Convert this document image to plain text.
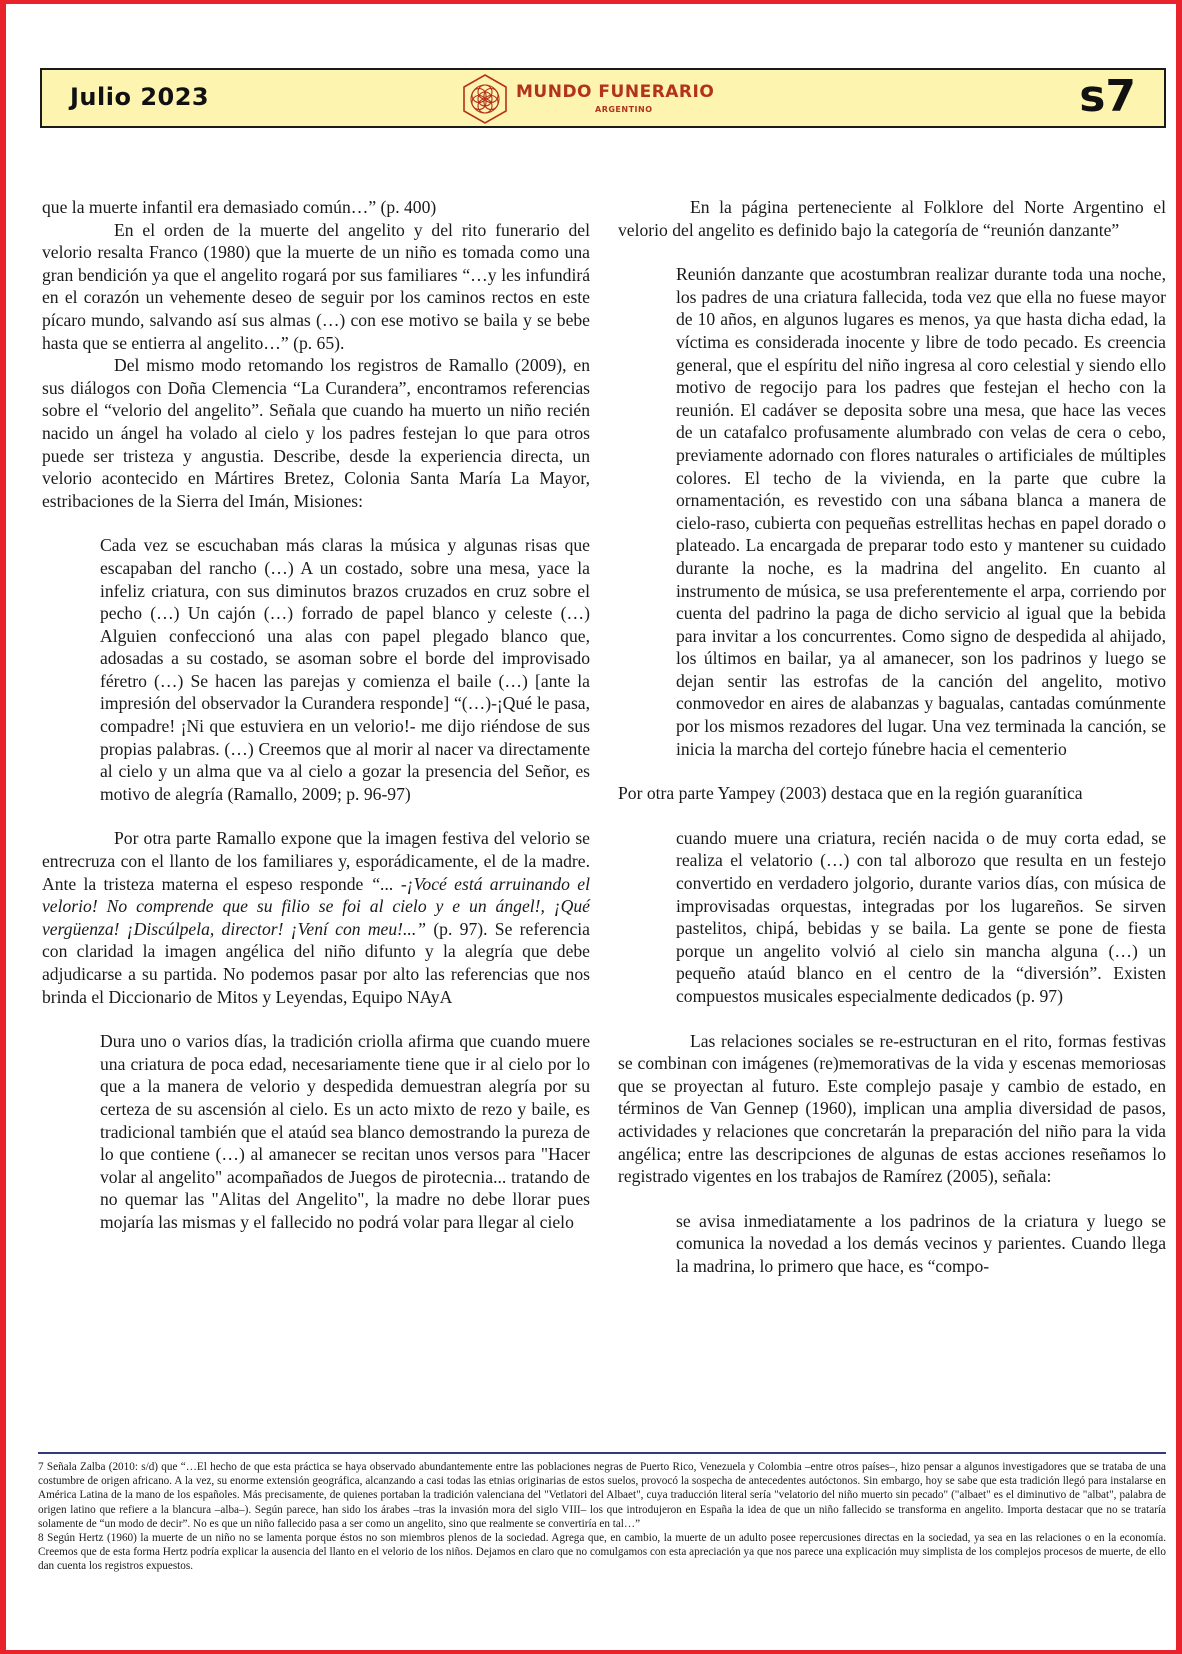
Julio 2023	MUNDO FUNERARIO
ARGENTINO	s7

que la muerte infantil era demasiado común…” (p. 400)

En el orden de la muerte del angelito y del rito funerario del velorio resalta Franco (1980) que la muerte de un niño es tomada como una gran bendición ya que el angelito rogará por sus familiares “…y les infundirá en el corazón un vehemente deseo de seguir por los caminos rectos en este pícaro mundo, salvando así sus almas (…) con ese motivo se baila y se bebe hasta que se entierra al angelito…” (p. 65).

Del mismo modo retomando los registros de Ramallo (2009), en sus diálogos con Doña Clemencia “La Curandera”, encontramos referencias sobre el “velorio del angelito”. Señala que cuando ha muerto un niño recién nacido un ángel ha volado al cielo y los padres festejan lo que para otros puede ser tristeza y angustia. Describe, desde la experiencia directa, un velorio acontecido en Mártires Bretez, Colonia Santa María La Mayor, estribaciones de la Sierra del Imán, Misiones:

Cada vez se escuchaban más claras la música y algunas risas que escapaban del rancho (…) A un costado, sobre una mesa, yace la infeliz criatura, con sus diminutos brazos cruzados en cruz sobre el pecho (…) Un cajón (…) forrado de papel blanco y celeste (…) Alguien confeccionó una alas con papel plegado blanco que, adosadas a su costado, se asoman sobre el borde del improvisado féretro (…) Se hacen las parejas y comienza el baile (…) [ante la impresión del observador la Curandera responde] “(…)-¡Qué le pasa, compadre! ¡Ni que estuviera en un velorio!- me dijo riéndose de sus propias palabras. (…) Creemos que al morir al nacer va directamente al cielo y un alma que va al cielo a gozar la presencia del Señor, es motivo de alegría (Ramallo, 2009; p. 96-97)

Por otra parte Ramallo expone que la imagen festiva del velorio se entrecruza con el llanto de los familiares y, esporádicamente, el de la madre. Ante la tristeza materna el espeso responde “... -¡Vocé está arruinando el velorio! No comprende que su filio se foi al cielo y e un ángel!, ¡Qué vergüenza! ¡Discúlpela, director! ¡Vení con meu!...” (p. 97). Se referencia con claridad la imagen angélica del niño difunto y la alegría que debe adjudicarse a su partida. No podemos pasar por alto las referencias que nos brinda el Diccionario de Mitos y Leyendas, Equipo NAyA

Dura uno o varios días, la tradición criolla afirma que cuando muere una criatura de poca edad, necesariamente tiene que ir al cielo por lo que a la manera de velorio y despedida demuestran alegría por su certeza de su ascensión al cielo. Es un acto mixto de rezo y baile, es tradicional también que el ataúd sea blanco demostrando la pureza de lo que contiene (…) al amanecer se recitan unos versos para "Hacer volar al angelito" acompañados de Juegos de pirotecnia... tratando de no quemar las "Alitas del Angelito", la madre no debe llorar pues mojaría las mismas y el fallecido no podrá volar para llegar al cielo

En la página perteneciente al Folklore del Norte Argentino el velorio del angelito es definido bajo la categoría de “reunión danzante”

Reunión danzante que acostumbran realizar durante toda una noche, los padres de una criatura fallecida, toda vez que ella no fuese mayor de 10 años, en algunos lugares es menos, ya que hasta dicha edad, la víctima es considerada inocente y libre de todo pecado. Es creencia general, que el espíritu del niño ingresa al coro celestial y siendo ello motivo de regocijo para los padres que festejan el hecho con la reunión. El cadáver se deposita sobre una mesa, que hace las veces de un catafalco profusamente alumbrado con velas de cera o cebo, previamente adornado con flores naturales o artificiales de múltiples colores. El techo de la vivienda, en la parte que cubre la ornamentación, es revestido con una sábana blanca a manera de cielo-raso, cubierta con pequeñas estrellitas hechas en papel dorado o plateado. La encargada de preparar todo esto y mantener su cuidado durante la noche, es la madrina del angelito. En cuanto al instrumento de música, se usa preferentemente el arpa, corriendo por cuenta del padrino la paga de dicho servicio al igual que la bebida para invitar a los concurrentes. Como signo de despedida al ahijado, los últimos en bailar, ya al amanecer, son los padrinos y luego se dejan sentir las estrofas de la canción del angelito, motivo conmovedor en aires de alabanzas y bagualas, cantadas comúnmente por los mismos rezadores del lugar. Una vez terminada la canción, se inicia la marcha del cortejo fúnebre hacia el cementerio

Por otra parte Yampey (2003) destaca que en la región guaranítica

cuando muere una criatura, recién nacida o de muy corta edad, se realiza el velatorio (…) con tal alborozo que resulta en un festejo convertido en verdadero jolgorio, durante varios días, con música de improvisadas orquestas, integradas por los lugareños. Se sirven pastelitos, chipá, bebidas y se baila. La gente se pone de fiesta porque un angelito volvió al cielo sin mancha alguna (…) un pequeño ataúd blanco en el centro de la “diversión”. Existen compuestos musicales especialmente dedicados (p. 97)

Las relaciones sociales se re-estructuran en el rito, formas festivas se combinan con imágenes (re)memorativas de la vida y escenas memoriosas que se proyectan al futuro. Este complejo pasaje y cambio de estado, en términos de Van Gennep (1960), implican una amplia diversidad de pasos, actividades y relaciones que concretarán la preparación del niño para la vida angélica; entre las descripciones de algunas de estas acciones reseñamos lo registrado vigentes en los trabajos de Ramírez (2005), señala:

se avisa inmediatamente a los padrinos de la criatura y luego se comunica la novedad a los demás vecinos y parientes. Cuando llega la madrina, lo primero que hace, es “compo-

7 Señala Zalba (2010: s/d) que “…El hecho de que esta práctica se haya observado abundantemente entre las poblaciones negras de Puerto Rico, Venezuela y Colombia –entre otros países–, hizo pensar a algunos investigadores que se trataba de una costumbre de origen africano. A la vez, su enorme extensión geográfica, alcanzando a casi todas las etnias originarias de estos suelos, provocó la sospecha de antecedentes autóctonos. Sin embargo, hoy se sabe que esta tradición llegó para instalarse en América Latina de la mano de los españoles. Más precisamente, de quienes portaban la tradición valenciana del "Vetlatori del Albaet", cuya traducción literal sería "velatorio del niño muerto sin pecado" ("albaet" es el diminutivo de "albat", palabra de origen latino que refiere a la blancura –alba–). Según parece, han sido los árabes –tras la invasión mora del siglo VIII– los que introdujeron en España la idea de que un niño fallecido se transforma en angelito. Importa destacar que no se trataría solamente de “un modo de decir”. No es que un niño fallecido pasa a ser como un angelito, sino que realmente se convertiría en tal…”

8 Según Hertz (1960) la muerte de un niño no se lamenta porque éstos no son miembros plenos de la sociedad. Agrega que, en cambio, la muerte de un adulto posee repercusiones directas en la sociedad, ya sea en las relaciones o en la economía. Creemos que de esta forma Hertz podría explicar la ausencia del llanto en el velorio de los niños. Dejamos en claro que no comulgamos con esta apreciación ya que nos parece una explicación muy simplista de los complejos procesos de muerte, de ello dan cuenta los registros expuestos.
